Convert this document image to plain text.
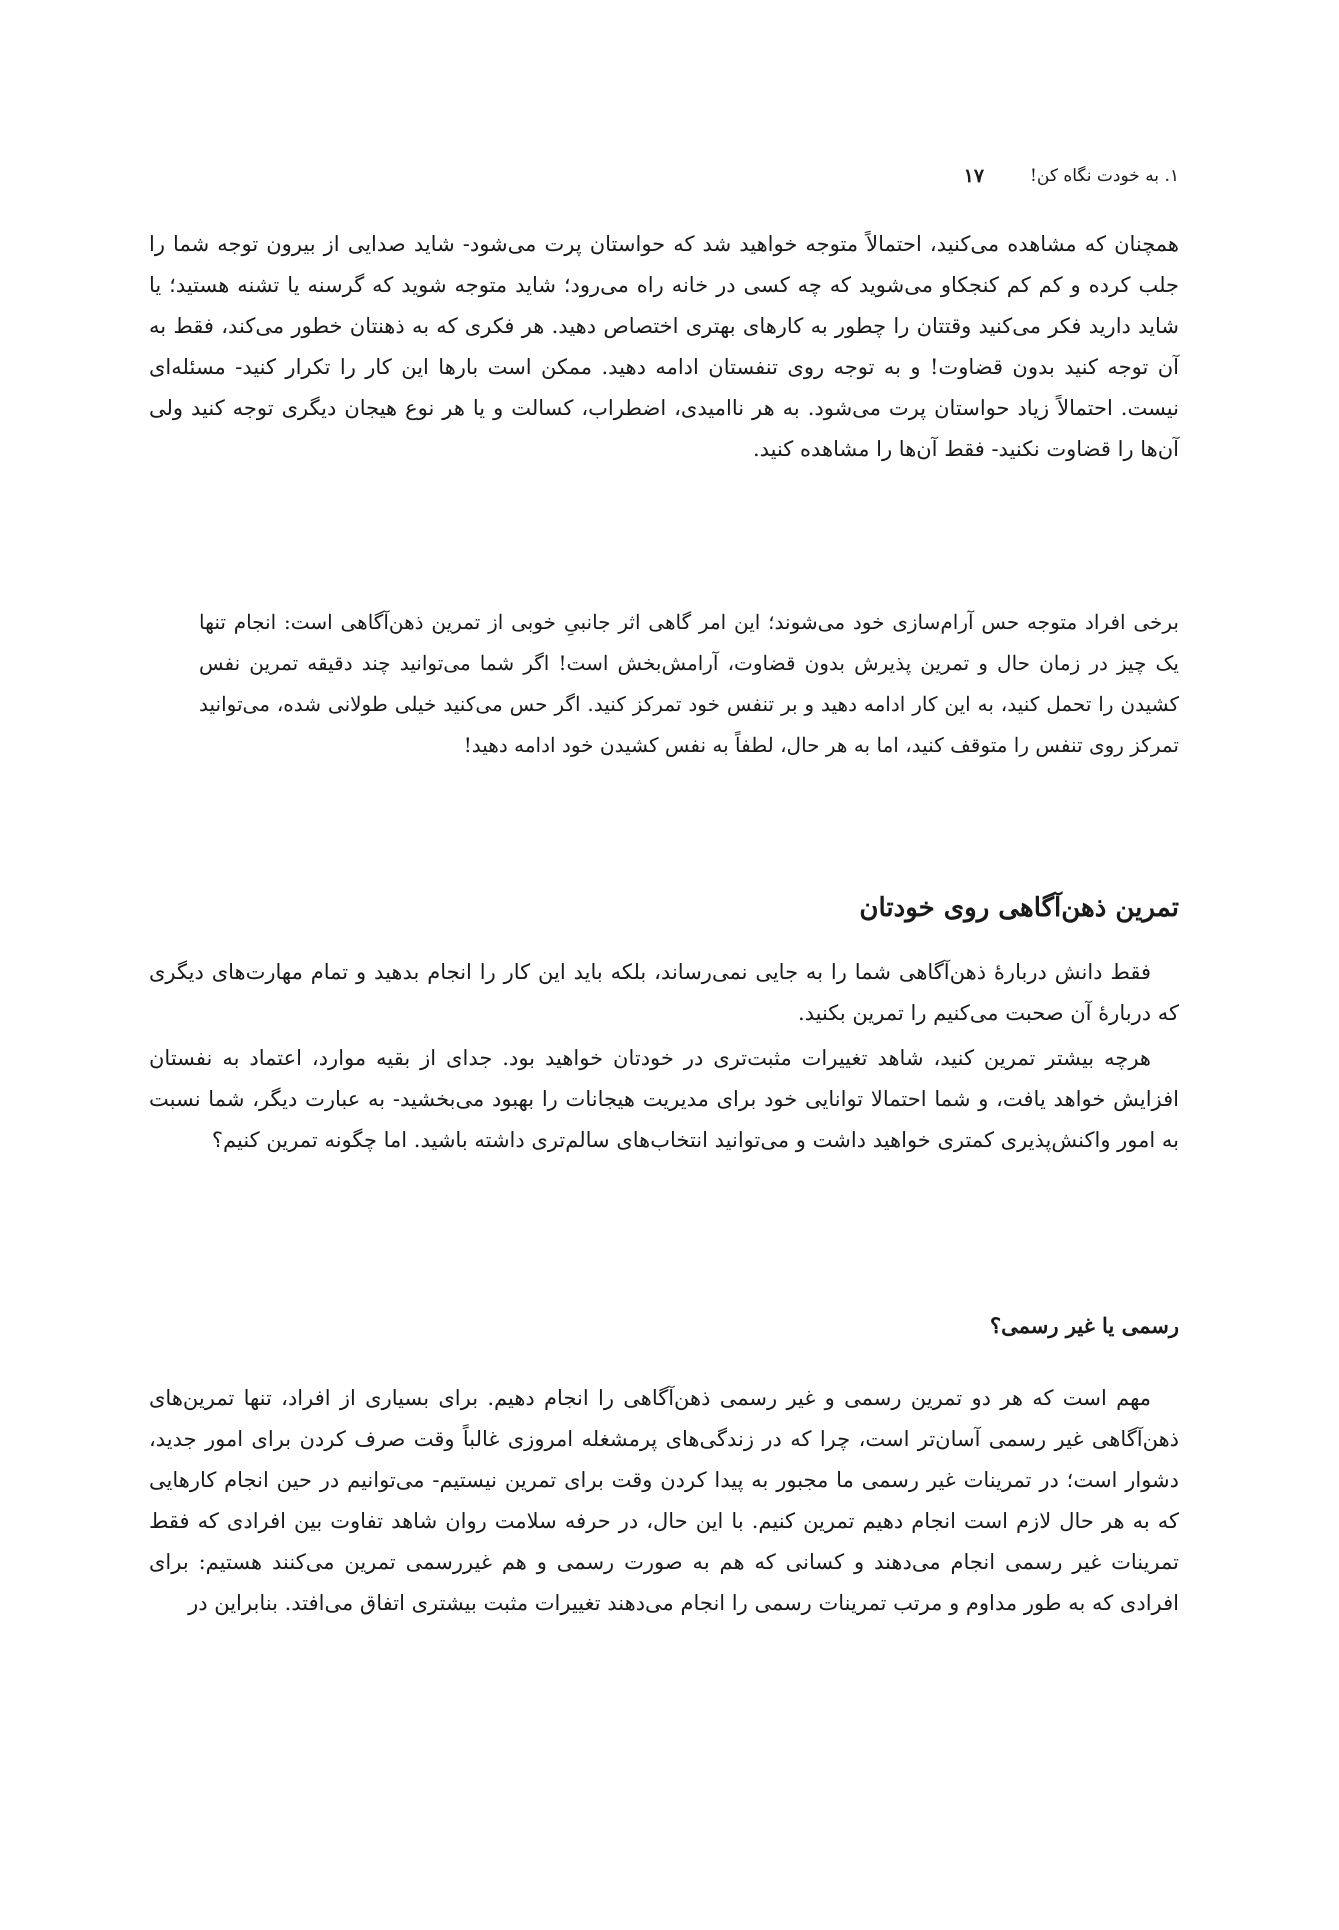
۱. به خودت نگاه کن!
۱۷

همچنان که مشاهده می‌کنید، احتمالاً متوجه خواهید شد که حواستان پرت می‌شود- شاید صدایی از بیرون توجه شما را جلب کرده و کم کم کنجکاو می‌شوید که چه کسی در خانه راه می‌رود؛ شاید متوجه شوید که گرسنه یا تشنه هستید؛ یا شاید دارید فکر می‌کنید وقتتان را چطور به کارهای بهتری اختصاص دهید. هر فکری که به ذهنتان خطور می‌کند، فقط به آن توجه کنید بدون قضاوت! و به توجه روی تنفستان ادامه دهید. ممکن است بارها این کار را تکرار کنید- مسئله‌ای نیست. احتمالاً زیاد حواستان پرت می‌شود. به هر ناامیدی، اضطراب، کسالت و یا هر نوع هیجان دیگری توجه کنید ولی آن‌ها را قضاوت نکنید- فقط آن‌ها را مشاهده کنید.

برخی افراد متوجه حس آرام‌سازی خود می‌شوند؛ این امر گاهی اثر جانبیِ خوبی از تمرین ذهن‌آگاهی است: انجام تنها یک چیز در زمان حال و تمرین پذیرش بدون قضاوت، آرامش‌بخش است! اگر شما می‌توانید چند دقیقه تمرین نفس کشیدن را تحمل کنید، به این کار ادامه دهید و بر تنفس خود تمرکز کنید. اگر حس می‌کنید خیلی طولانی شده، می‌توانید تمرکز روی تنفس را متوقف کنید، اما به هر حال، لطفاً به نفس کشیدن خود ادامه دهید!

تمرین ذهن‌آگاهی روی خودتان

فقط دانش دربارهٔ ذهن‌آگاهی شما را به جایی نمی‌رساند، بلکه باید این کار را انجام بدهید و تمام مهارت‌های دیگری که دربارهٔ آن صحبت می‌کنیم را تمرین بکنید.

هرچه بیشتر تمرین کنید، شاهد تغییرات مثبت‌تری در خودتان خواهید بود. جدای از بقیه موارد، اعتماد به نفستان افزایش خواهد یافت، و شما احتمالا توانایی خود برای مدیریت هیجانات را بهبود می‌بخشید- به عبارت دیگر، شما نسبت به امور واکنش‌پذیری کمتری خواهید داشت و می‌توانید انتخاب‌های سالم‌تری داشته باشید. اما چگونه تمرین کنیم؟

رسمی یا غیر رسمی؟

مهم است که هر دو تمرین رسمی و غیر رسمی ذهن‌آگاهی را انجام دهیم. برای بسیاری از افراد، تنها تمرین‌های ذهن‌آگاهی غیر رسمی آسان‌تر است، چرا که در زندگی‌های پرمشغله امروزی غالباً وقت صرف کردن برای امور جدید، دشوار است؛ در تمرینات غیر رسمی ما مجبور به پیدا کردن وقت برای تمرین نیستیم- می‌توانیم در حین انجام کارهایی که به هر حال لازم است انجام دهیم تمرین کنیم. با این حال، در حرفه سلامت روان شاهد تفاوت بین افرادی که فقط تمرینات غیر رسمی انجام می‌دهند و کسانی که هم به صورت رسمی و هم غیررسمی تمرین می‌کنند هستیم: برای افرادی که به طور مداوم و مرتب تمرینات رسمی را انجام می‌دهند تغییرات مثبت بیشتری اتفاق می‌افتد. بنابراین در
